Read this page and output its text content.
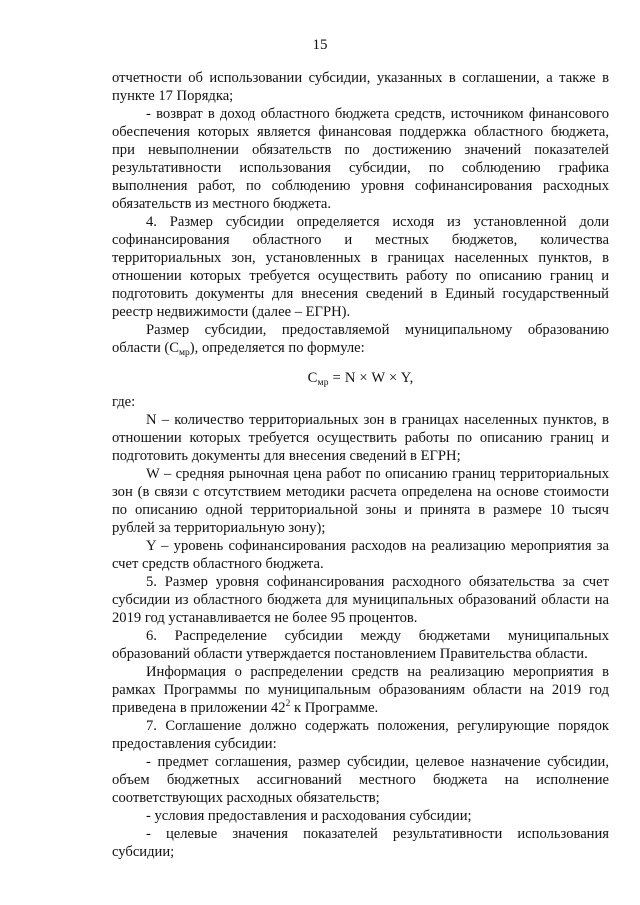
15

отчетности об использовании субсидии, указанных в соглашении, а также в пункте 17 Порядка;

- возврат в доход областного бюджета средств, источником финансового обеспечения которых является финансовая поддержка областного бюджета, при невыполнении обязательств по достижению значений показателей результативности использования субсидии, по соблюдению графика выполнения работ, по соблюдению уровня софинансирования расходных обязательств из местного бюджета.

4. Размер субсидии определяется исходя из установленной доли софинансирования областного и местных бюджетов, количества территориальных зон, установленных в границах населенных пунктов, в отношении которых требуется осуществить работу по описанию границ и подготовить документы для внесения сведений в Единый государственный реестр недвижимости (далее – ЕГРН).

Размер субсидии, предоставляемой муниципальному образованию области $(С_{мр})$, определяется по формуле:

$С_{мр} = N \times W \times Y$,

где:

N – количество территориальных зон в границах населенных пунктов, в отношении которых требуется осуществить работы по описанию границ и подготовить документы для внесения сведений в ЕГРН;

W – средняя рыночная цена работ по описанию границ территориальных зон (в связи с отсутствием методики расчета определена на основе стоимости по описанию одной территориальной зоны и принята в размере 10 тысяч рублей за территориальную зону);

Y – уровень софинансирования расходов на реализацию мероприятия за счет средств областного бюджета.

5. Размер уровня софинансирования расходного обязательства за счет субсидии из областного бюджета для муниципальных образований области на 2019 год устанавливается не более 95 процентов.

6. Распределение субсидии между бюджетами муниципальных образований области утверждается постановлением Правительства области.

Информация о распределении средств на реализацию мероприятия в рамках Программы по муниципальным образованиям области на 2019 год приведена в приложении $42^2$ к Программе.

7. Соглашение должно содержать положения, регулирующие порядок предоставления субсидии:

- предмет соглашения, размер субсидии, целевое назначение субсидии, объем бюджетных ассигнований местного бюджета на исполнение соответствующих расходных обязательств;

- условия предоставления и расходования субсидии;

- целевые значения показателей результативности использования субсидии;
